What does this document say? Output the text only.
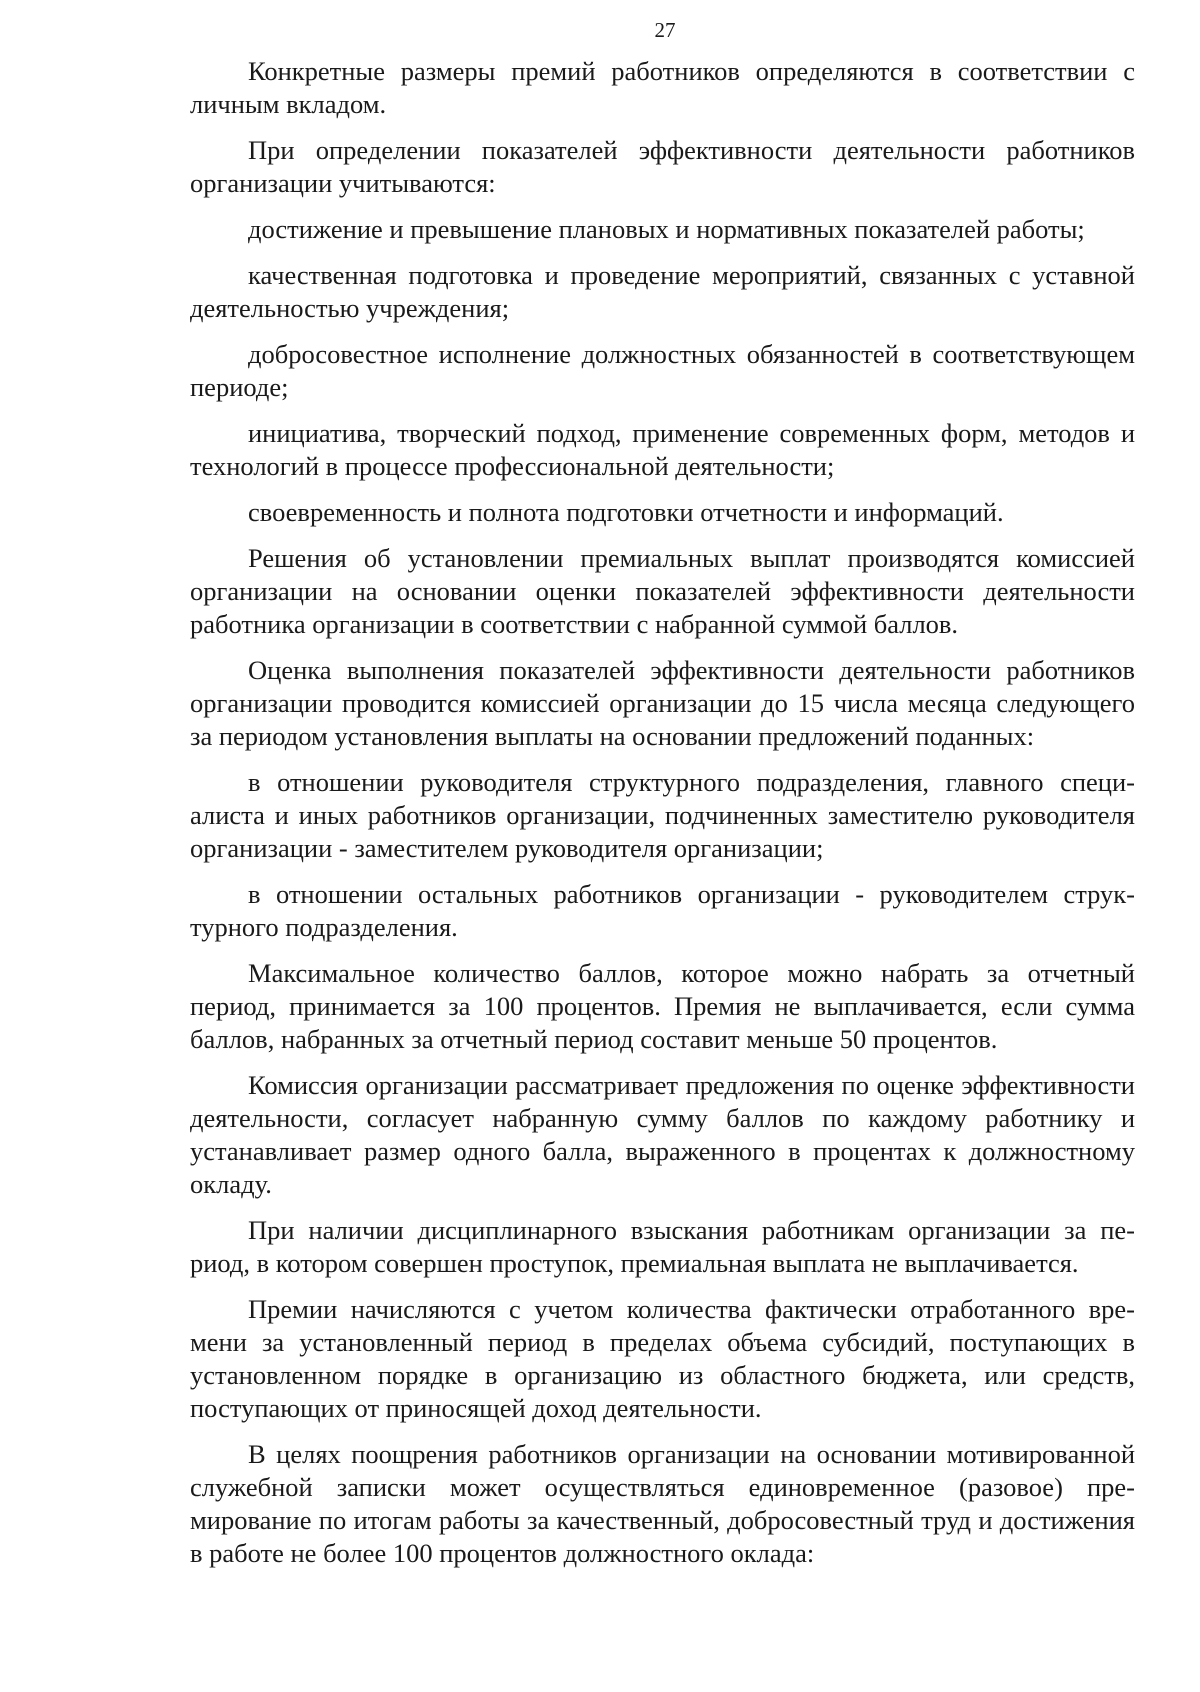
27

Конкретные размеры премий работников определяются в соответствии с личным вкладом.

При определении показателей эффективности деятельности работников организации учитываются:

достижение и превышение плановых и нормативных показателей работы;

качественная подготовка и проведение мероприятий, связанных с уставной деятельностью учреждения;

добросовестное исполнение должностных обязанностей в соответствующем периоде;

инициатива, творческий подход, применение современных форм, методов и технологий в процессе профессиональной деятельности;

своевременность и полнота подготовки отчетности и информаций.

Решения об установлении премиальных выплат производятся комиссией организации на основании оценки показателей эффективности деятельности работника организации в соответствии с набранной суммой баллов.

Оценка выполнения показателей эффективности деятельности работников организации проводится комиссией организации до 15 числа месяца следующего за периодом установления выплаты на основании предложений поданных:

в отношении руководителя структурного подразделения, главного специалиста и иных работников организации, подчиненных заместителю руководителя организации - заместителем руководителя организации;

в отношении остальных работников организации - руководителем структурного подразделения.

Максимальное количество баллов, которое можно набрать за отчетный период, принимается за 100 процентов. Премия не выплачивается, если сумма баллов, набранных за отчетный период составит меньше 50 процентов.

Комиссия организации рассматривает предложения по оценке эффективности деятельности, согласует набранную сумму баллов по каждому работнику и устанавливает размер одного балла, выраженного в процентах к должностному окладу.

При наличии дисциплинарного взыскания работникам организации за период, в котором совершен проступок, премиальная выплата не выплачивается.

Премии начисляются с учетом количества фактически отработанного времени за установленный период в пределах объема субсидий, поступающих в установленном порядке в организацию из областного бюджета, или средств, поступающих от приносящей доход деятельности.

В целях поощрения работников организации на основании мотивированной служебной записки может осуществляться единовременное (разовое) премирование по итогам работы за качественный, добросовестный труд и достижения в работе не более 100 процентов должностного оклада:
